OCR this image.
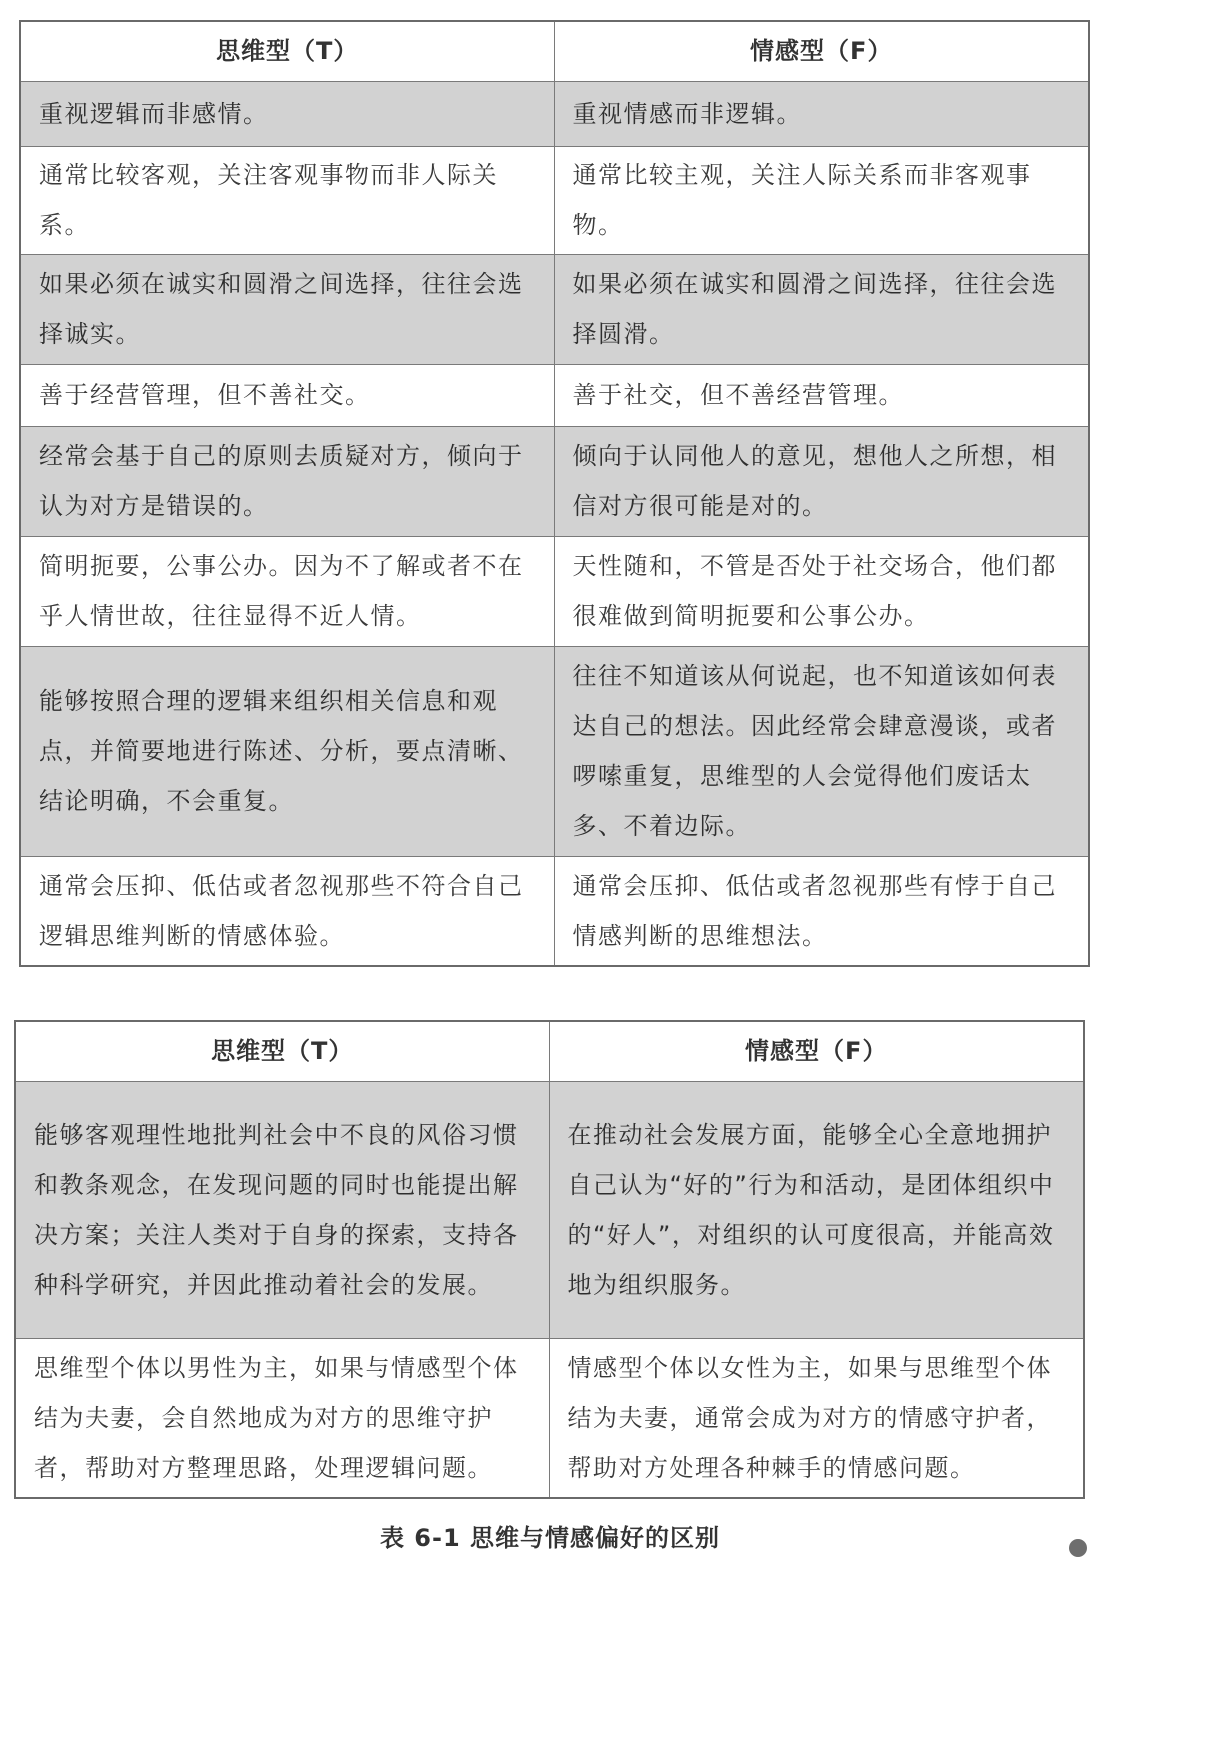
思维型（T）	情感型（F）
重视逻辑而非感情。	重视情感而非逻辑。
通常比较客观，关注客观事物而非人际关系。	通常比较主观，关注人际关系而非客观事物。
如果必须在诚实和圆滑之间选择，往往会选择诚实。	如果必须在诚实和圆滑之间选择，往往会选择圆滑。
善于经营管理，但不善社交。	善于社交，但不善经营管理。
经常会基于自己的原则去质疑对方，倾向于认为对方是错误的。	倾向于认同他人的意见，想他人之所想，相信对方很可能是对的。
简明扼要，公事公办。因为不了解或者不在乎人情世故，往往显得不近人情。	天性随和，不管是否处于社交场合，他们都很难做到简明扼要和公事公办。
能够按照合理的逻辑来组织相关信息和观点，并简要地进行陈述、分析，要点清晰、结论明确，不会重复。	往往不知道该从何说起，也不知道该如何表达自己的想法。因此经常会肆意漫谈，或者啰嗦重复，思维型的人会觉得他们废话太多、不着边际。
通常会压抑、低估或者忽视那些不符合自己逻辑思维判断的情感体验。	通常会压抑、低估或者忽视那些有悖于自己情感判断的思维想法。
思维型（T）	情感型（F）
能够客观理性地批判社会中不良的风俗习惯和教条观念，在发现问题的同时也能提出解决方案；关注人类对于自身的探索，支持各种科学研究，并因此推动着社会的发展。	在推动社会发展方面，能够全心全意地拥护自己认为“好的”行为和活动，是团体组织中的“好人”，对组织的认可度很高，并能高效地为组织服务。
思维型个体以男性为主，如果与情感型个体结为夫妻，会自然地成为对方的思维守护者，帮助对方整理思路，处理逻辑问题。	情感型个体以女性为主，如果与思维型个体结为夫妻，通常会成为对方的情感守护者，帮助对方处理各种棘手的情感问题。
表 6-1 思维与情感偏好的区别
